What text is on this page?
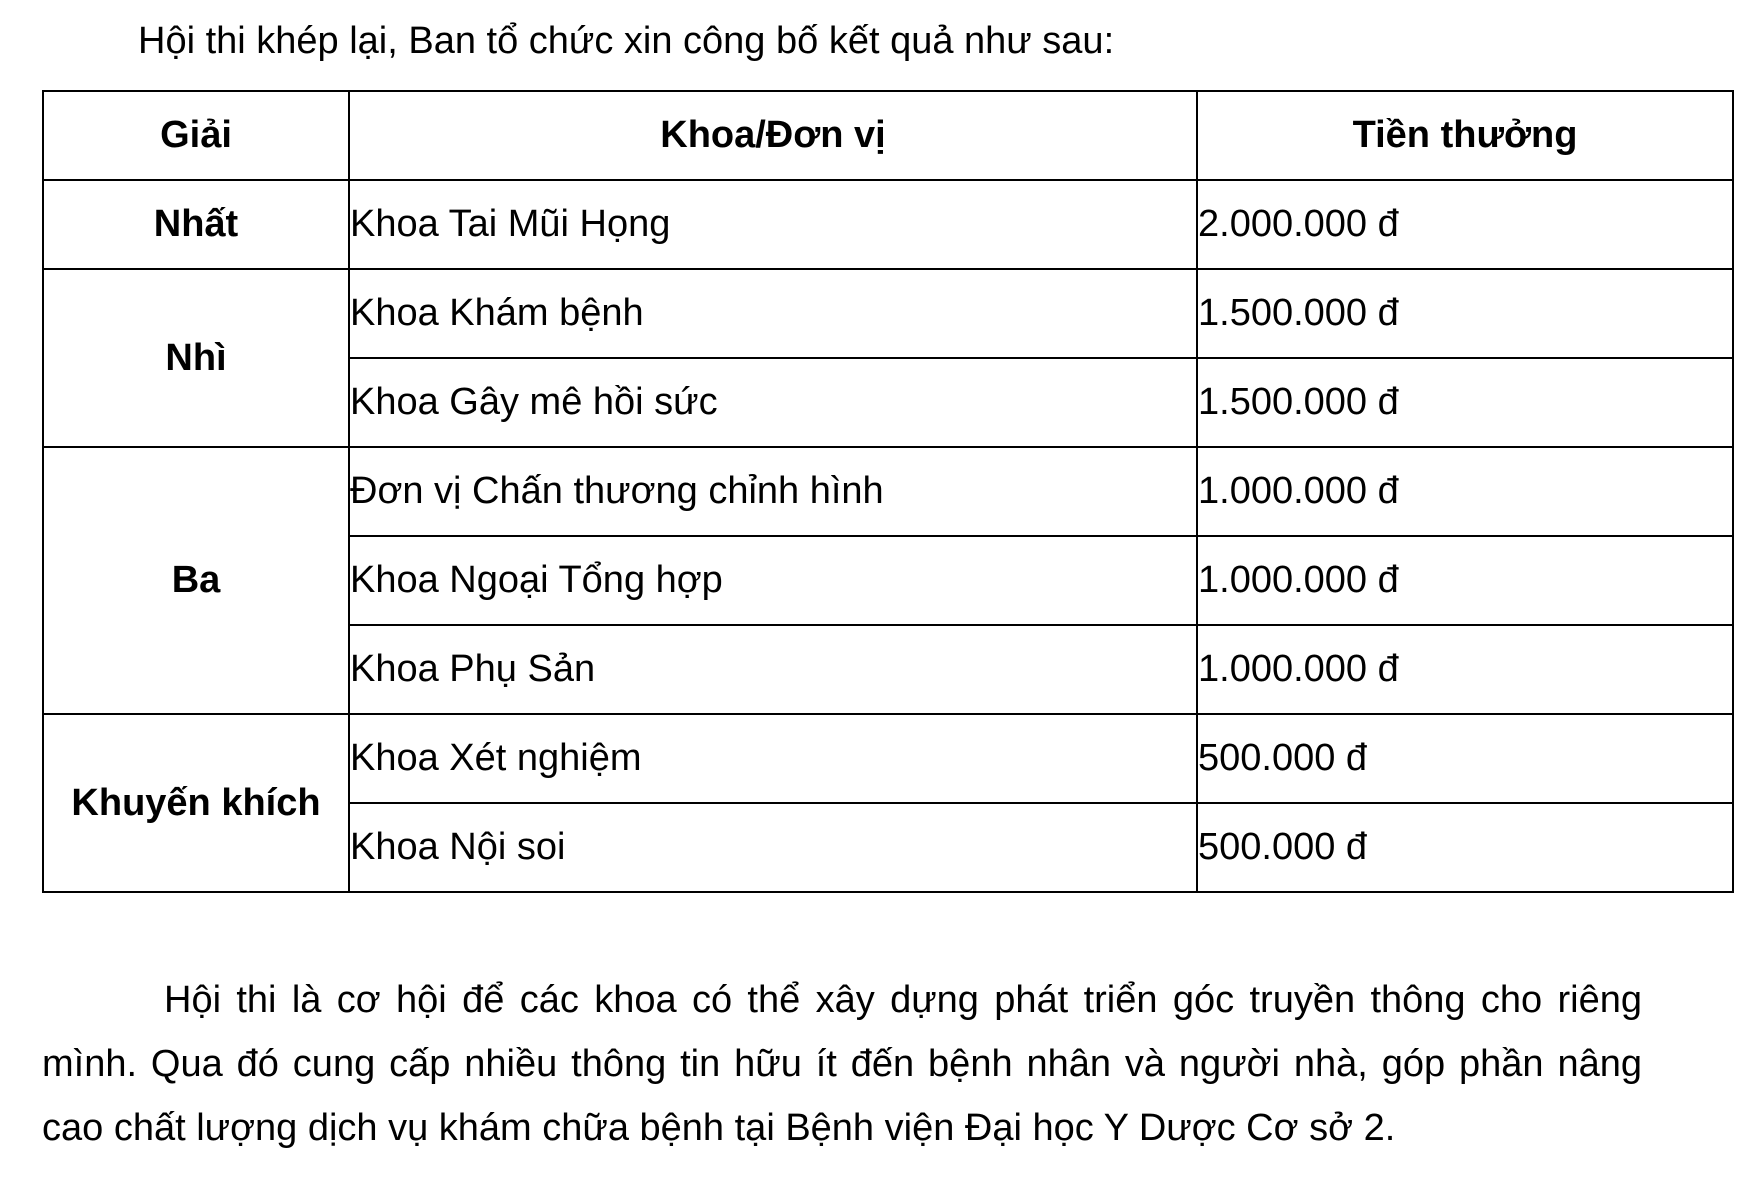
Hội thi khép lại, Ban tổ chức xin công bố kết quả như sau:

Giải	Khoa/Đơn vị	Tiền thưởng
Nhất	Khoa Tai Mũi Họng	2.000.000 đ
Nhì	Khoa Khám bệnh	1.500.000 đ
	Khoa Gây mê hồi sức	1.500.000 đ
Ba	Đơn vị Chấn thương chỉnh hình	1.000.000 đ
	Khoa Ngoại Tổng hợp	1.000.000 đ
	Khoa Phụ Sản	1.000.000 đ
Khuyến khích	Khoa Xét nghiệm	500.000 đ
	Khoa Nội soi	500.000 đ

Hội thi là cơ hội để các khoa có thể xây dựng phát triển góc truyền thông cho riêng mình. Qua đó cung cấp nhiều thông tin hữu ít đến bệnh nhân và người nhà, góp phần nâng cao chất lượng dịch vụ khám chữa bệnh tại Bệnh viện Đại học Y Dược Cơ sở 2.
